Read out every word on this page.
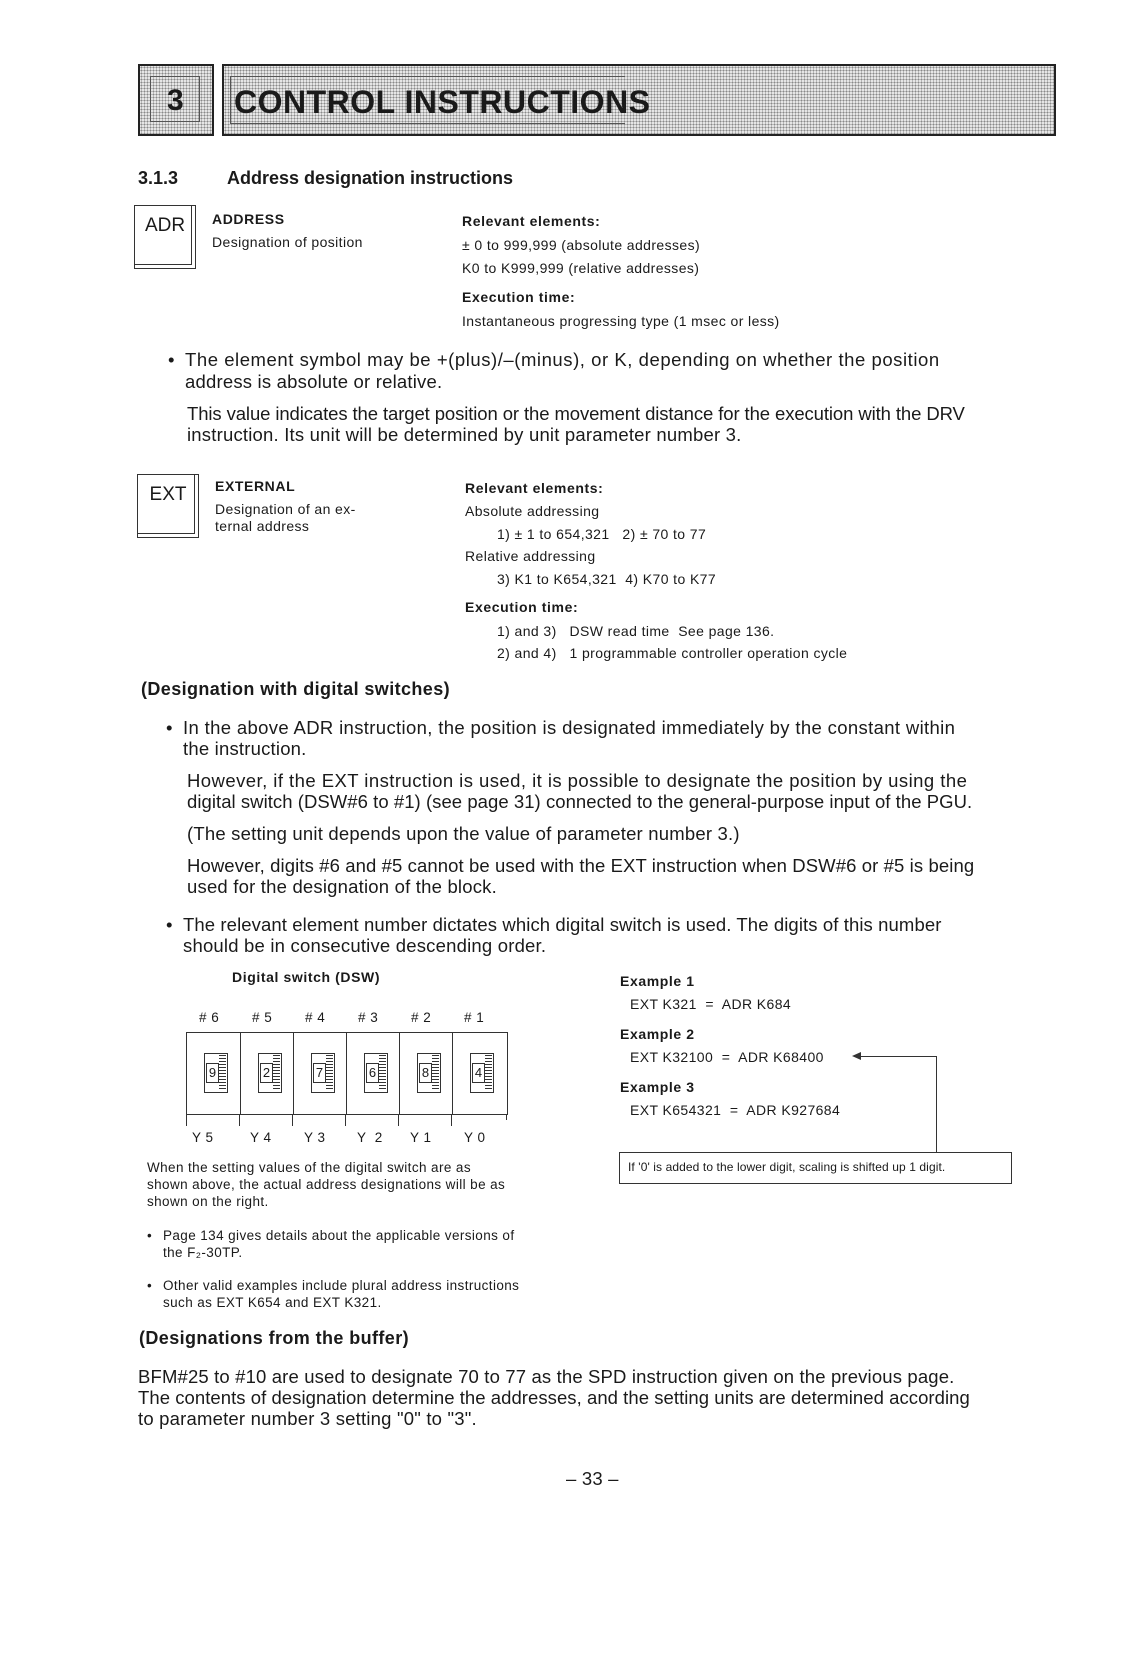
3 CONTROL INSTRUCTIONS
3.1.3	Address designation instructions
ADR	ADDRESS
Designation of position
Relevant elements:
± 0 to 999,999 (absolute addresses)
K0 to K999,999 (relative addresses)
Execution time:
Instantaneous progressing type (1 msec or less)
• The element symbol may be +(plus)/–(minus), or K, depending on whether the position
address is absolute or relative.
This value indicates the target position or the movement distance for the execution with the DRV
instruction. Its unit will be determined by unit parameter number 3.
EXT	EXTERNAL
Designation of an ex-
ternal address
Relevant elements:
Absolute addressing
1) ± 1 to 654,321   2) ± 70 to 77
Relative addressing
3) K1 to K654,321  4) K70 to K77
Execution time:
1) and 3)   DSW read time  See page 136.
2) and 4)   1 programmable controller operation cycle
(Designation with digital switches)
• In the above ADR instruction, the position is designated immediately by the constant within
the instruction.
However, if the EXT instruction is used, it is possible to designate the position by using the
digital switch (DSW#6 to #1) (see page 31) connected to the general-purpose input of the PGU.
(The setting unit depends upon the value of parameter number 3.)
However, digits #6 and #5 cannot be used with the EXT instruction when DSW#6 or #5 is being
used for the designation of the block.
• The relevant element number dictates which digital switch is used. The digits of this number
should be in consecutive descending order.
Digital switch (DSW)
# 6 # 5 # 4 # 3 # 2 # 1
9	2	7	6	8	4
Y 5	Y 4 Y 3 Y  2 Y 1 Y 0
When the setting values of the digital switch are as
shown above, the actual address designations will be as
shown on the right.
• Page 134 gives details about the applicable versions of
the F₂-30TP.
• Other valid examples include plural address instructions
such as EXT K654 and EXT K321.
Example 1
EXT K321  =  ADR K684
Example 2
EXT K32100  =  ADR K68400
Example 3
EXT K654321  =  ADR K927684
If '0' is added to the lower digit, scaling is shifted up 1 digit.
(Designations from the buffer)
BFM#25 to #10 are used to designate 70 to 77 as the SPD instruction given on the previous page.
The contents of designation determine the addresses, and the setting units are determined according
to parameter number 3 setting "0" to "3".
– 33 –
